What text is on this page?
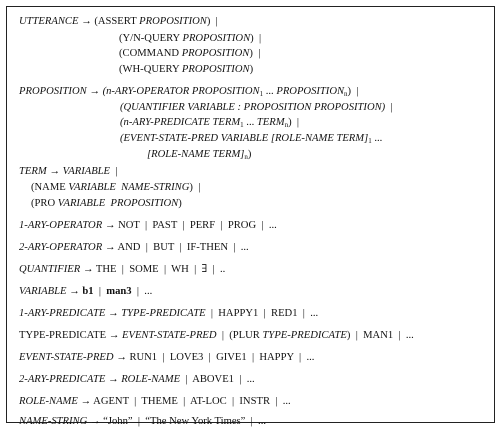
UTTERANCE → (ASSERT PROPOSITION)  |
(Y/N-QUERY PROPOSITION)  |
(COMMAND PROPOSITION)  |
(WH-QUERY PROPOSITION)
PROPOSITION → (n-ARY-OPERATOR $PROPOSITION_1$ ... $PROPOSITION_n$)  |
(QUANTIFIER VARIABLE : PROPOSITION PROPOSITION)  |
(n-ARY-PREDICATE $TERM_1$ ... $TERM_n$)  |
(EVENT-STATE-PRED VARIABLE [ROLE-NAME $TERM]_1$ ...
[ROLE-NAME $TERM]_n$)
TERM → VARIABLE  |
(NAME VARIABLE  NAME-STRING)  |
(PRO VARIABLE  PROPOSITION)
1-ARY-OPERATOR → NOT  |  PAST  |  PERF  |  PROG  |  ...
2-ARY-OPERATOR → AND  |  BUT  |  IF-THEN  |  ...
QUANTIFIER → THE  |  SOME  |  WH  |  ∃  |  ..
VARIABLE → b1  |  man3  |  ...
1-ARY-PREDICATE → TYPE-PREDICATE  |  HAPPY1  |  RED1  |  ...
TYPE-PREDICATE → EVENT-STATE-PRED  |  (PLUR TYPE-PREDICATE)  |  MAN1  |  ...
EVENT-STATE-PRED → RUN1  |  LOVE3  |  GIVE1  |  HAPPY  |  ...
2-ARY-PREDICATE → ROLE-NAME  |  ABOVE1  |  ...
ROLE-NAME → AGENT  |  THEME  |  AT-LOC  |  INSTR  |  ...
NAME-STRING → “John”  |  “The New York Times”  |  ...
